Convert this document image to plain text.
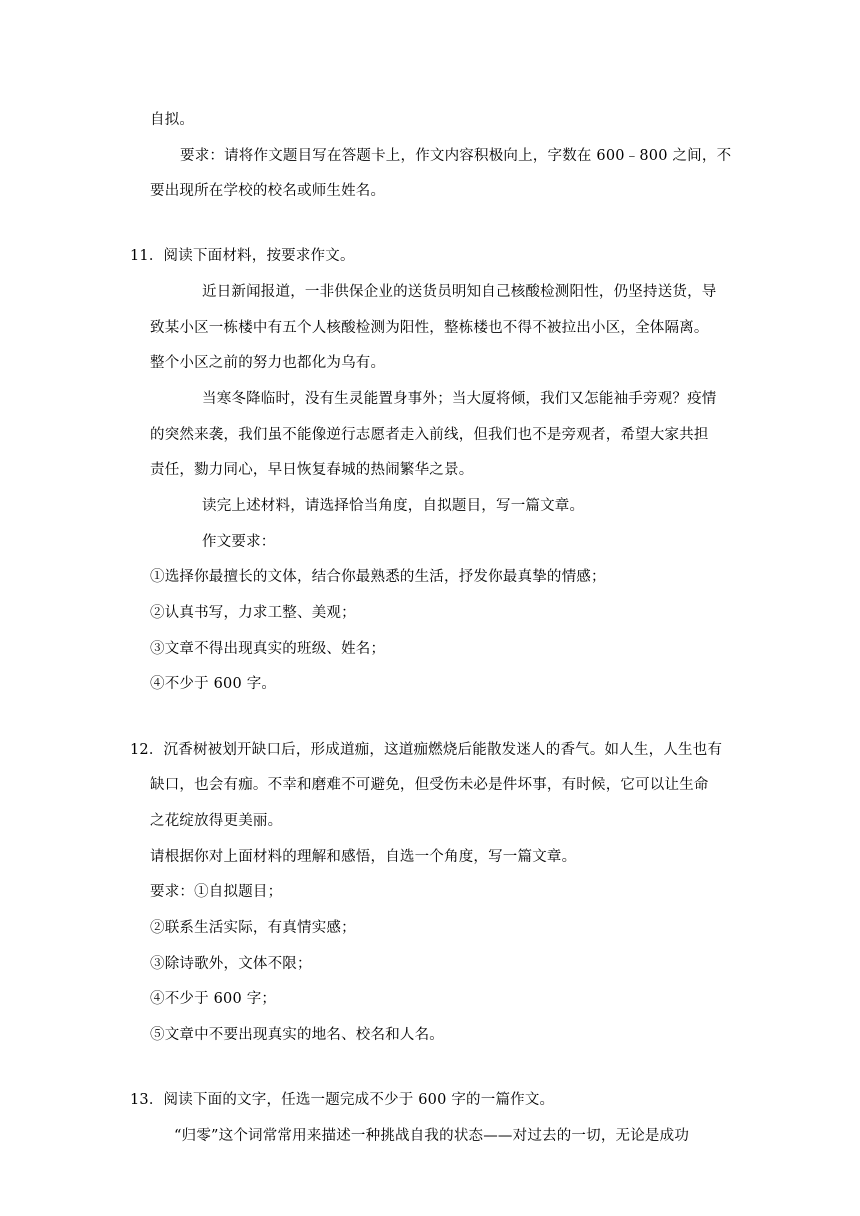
自拟。
要求：请将作文题目写在答题卡上，作文内容积极向上，字数在 600﹣800 之间，不
要出现所在学校的校名或师生姓名。
11．阅读下面材料，按要求作文。
近日新闻报道，一非供保企业的送货员明知自己核酸检测阳性，仍坚持送货，导
致某小区一栋楼中有五个人核酸检测为阳性，整栋楼也不得不被拉出小区，全体隔离。
整个小区之前的努力也都化为乌有。
当寒冬降临时，没有生灵能置身事外；当大厦将倾，我们又怎能袖手旁观？疫情
的突然来袭，我们虽不能像逆行志愿者走入前线，但我们也不是旁观者，希望大家共担
责任，勠力同心，早日恢复春城的热闹繁华之景。
读完上述材料，请选择恰当角度，自拟题目，写一篇文章。
作文要求：
①选择你最擅长的文体，结合你最熟悉的生活，抒发你最真挚的情感；
②认真书写，力求工整、美观；
③文章不得出现真实的班级、姓名；
④不少于 600 字。
12．沉香树被划开缺口后，形成道痂，这道痂燃烧后能散发迷人的香气。如人生，人生也有
缺口，也会有痂。不幸和磨难不可避免，但受伤未必是件坏事，有时候，它可以让生命
之花绽放得更美丽。
请根据你对上面材料的理解和感悟，自选一个角度，写一篇文章。
要求：①自拟题目；
②联系生活实际，有真情实感；
③除诗歌外，文体不限；
④不少于 600 字；
⑤文章中不要出现真实的地名、校名和人名。
13．阅读下面的文字，任选一题完成不少于 600 字的一篇作文。
“归零”这个词常常用来描述一种挑战自我的状态——对过去的一切，无论是成功
